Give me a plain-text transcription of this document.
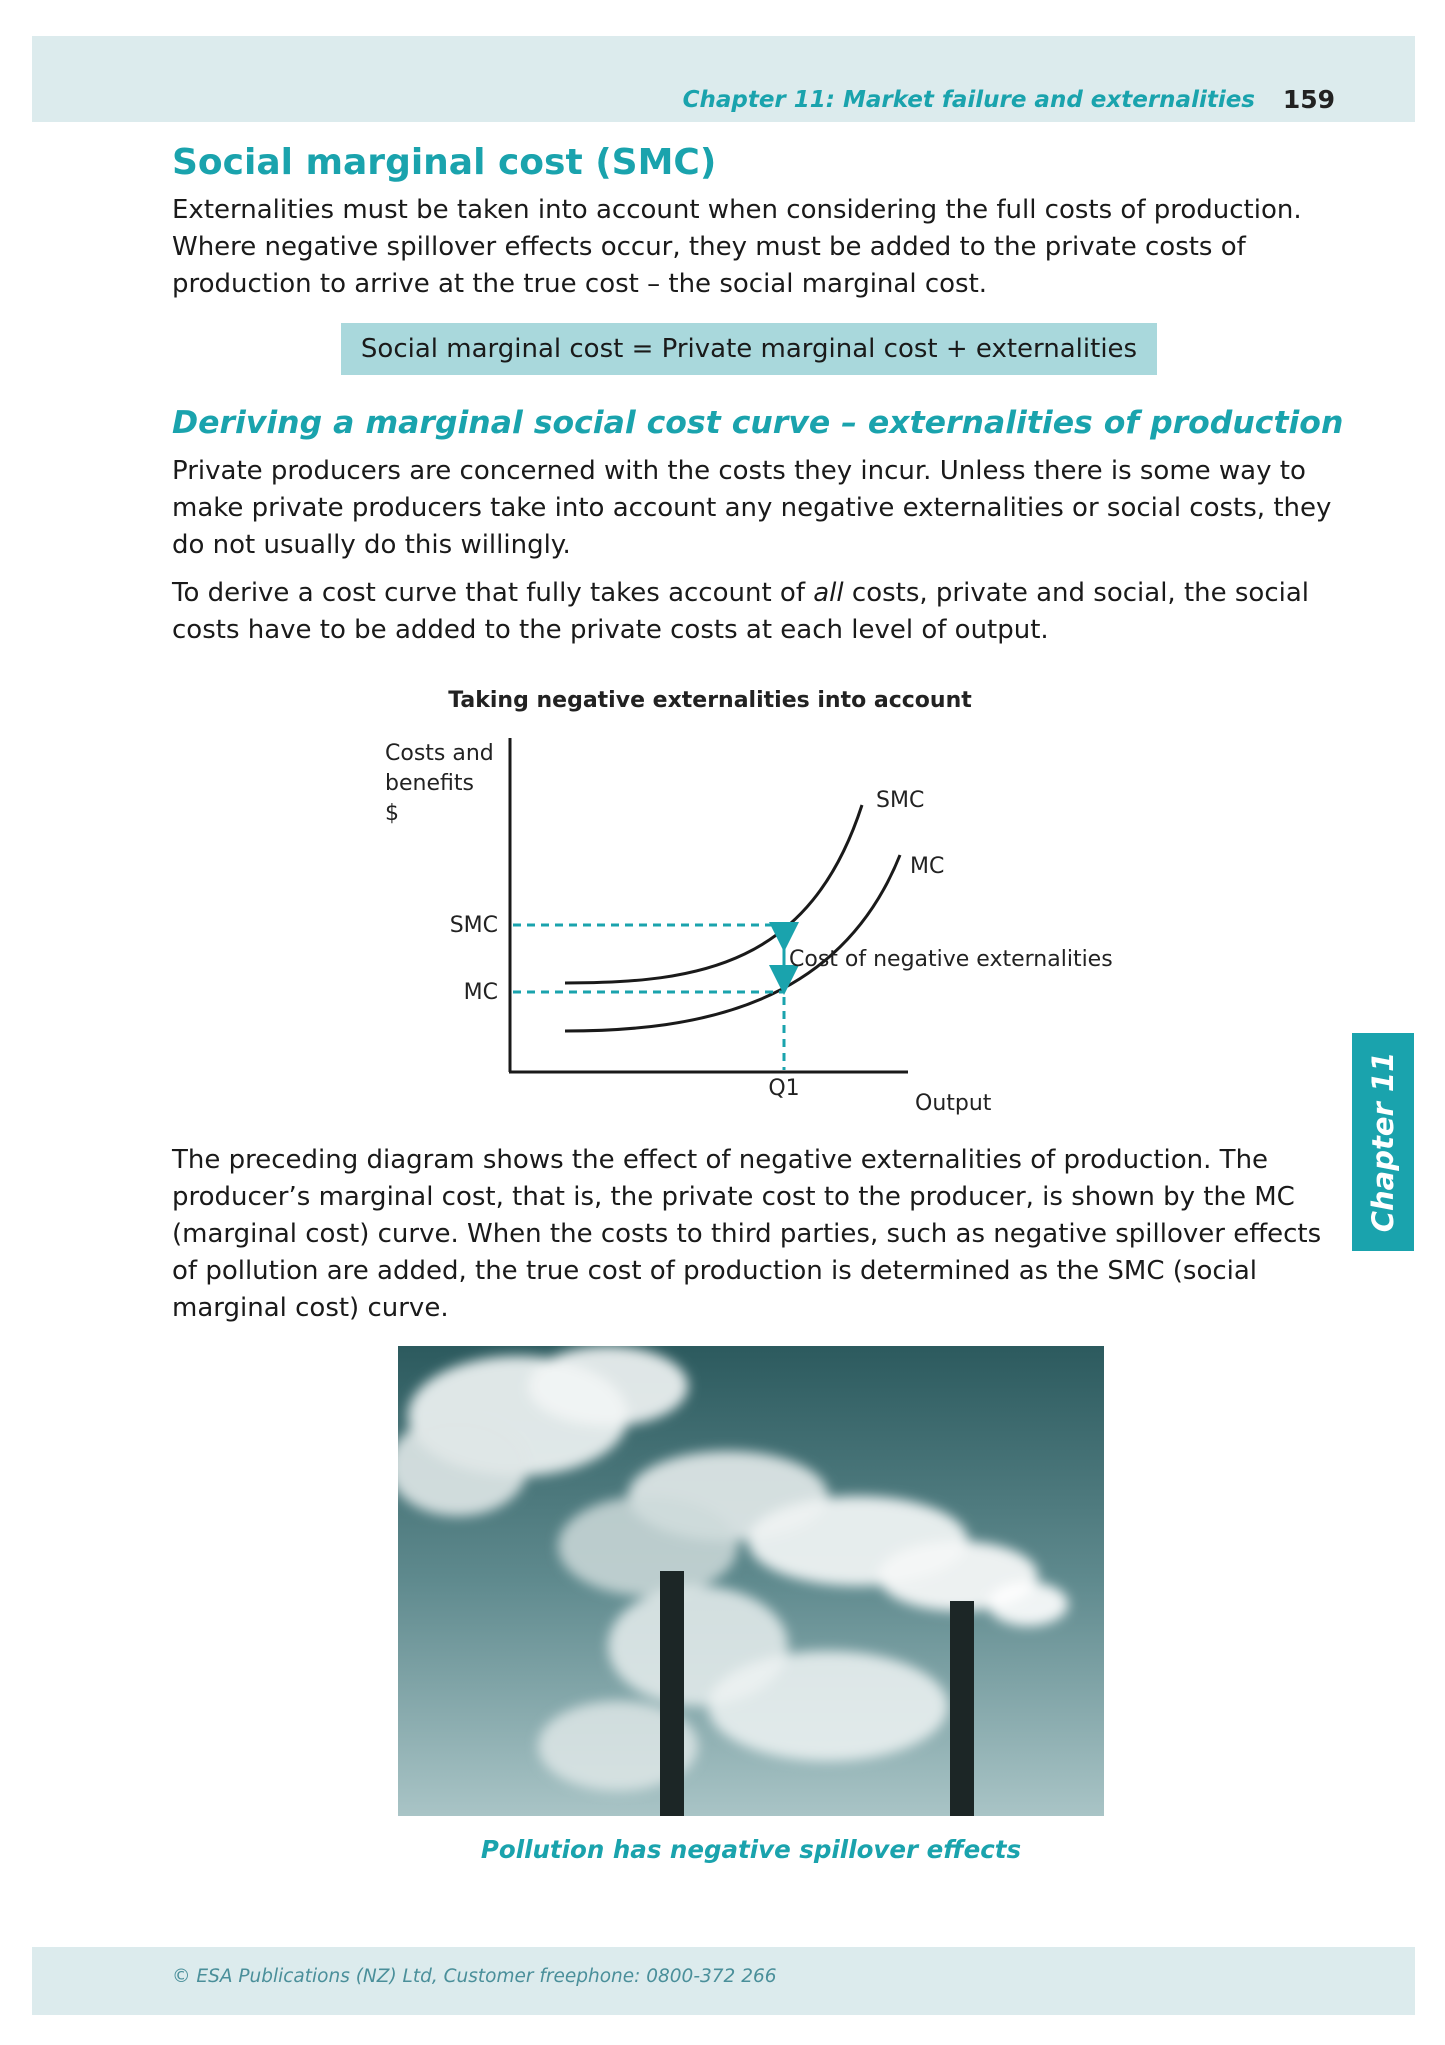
Chapter 11: Market failure and externalities 159
Social marginal cost (SMC)

Externalities must be taken into account when considering the full costs of production. Where negative spillover effects occur, they must be added to the private costs of production to arrive at the true cost – the social marginal cost.

Social marginal cost = Private marginal cost + externalities
Deriving a marginal social cost curve – externalities of production

Private producers are concerned with the costs they incur. Unless there is some way to make private producers take into account any negative externalities or social costs, they do not usually do this willingly.

To derive a cost curve that fully takes account of all costs, private and social, the social costs have to be added to the private costs at each level of output.

Taking negative externalities into account
Costs and
benefits
$
SMC
MC
SMC
MC
Cost of negative externalities
Q1
Output

The preceding diagram shows the effect of negative externalities of production. The producer’s marginal cost, that is, the private cost to the producer, is shown by the MC (marginal cost) curve. When the costs to third parties, such as negative spillover effects of pollution are added, the true cost of production is determined as the SMC (social marginal cost) curve.

Pollution has negative spillover effects
Chapter 11
© ESA Publications (NZ) Ltd, Customer freephone: 0800-372 266
